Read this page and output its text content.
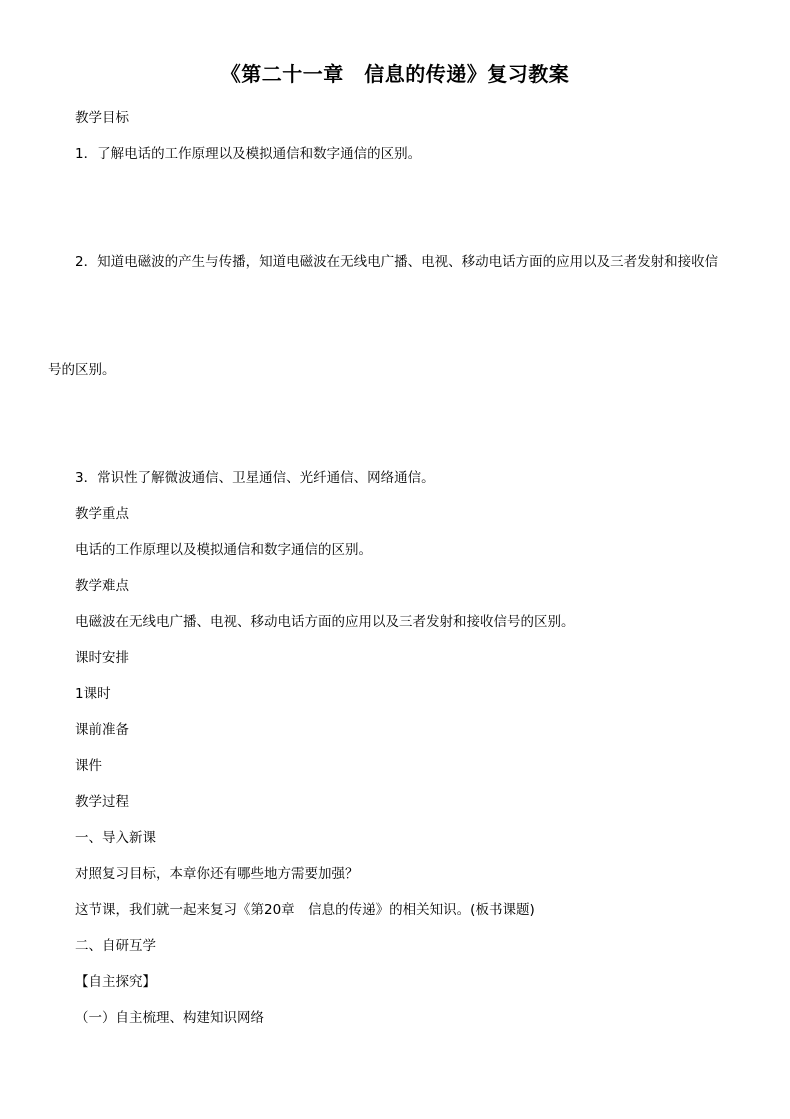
《第二十一章　信息的传递》复习教案

教学目标

1．了解电话的工作原理以及模拟通信和数字通信的区别。

2．知道电磁波的产生与传播，知道电磁波在无线电广播、电视、移动电话方面的应用以及三者发射和接收信

号的区别。

3．常识性了解微波通信、卫星通信、光纤通信、网络通信。

教学重点

电话的工作原理以及模拟通信和数字通信的区别。

教学难点

电磁波在无线电广播、电视、移动电话方面的应用以及三者发射和接收信号的区别。

课时安排

1课时

课前准备

课件

教学过程

一、导入新课

对照复习目标，本章你还有哪些地方需要加强？

这节课，我们就一起来复习《第20章　信息的传递》的相关知识。(板书课题)

二、自研互学

【自主探究】

（一）自主梳理、构建知识网络
